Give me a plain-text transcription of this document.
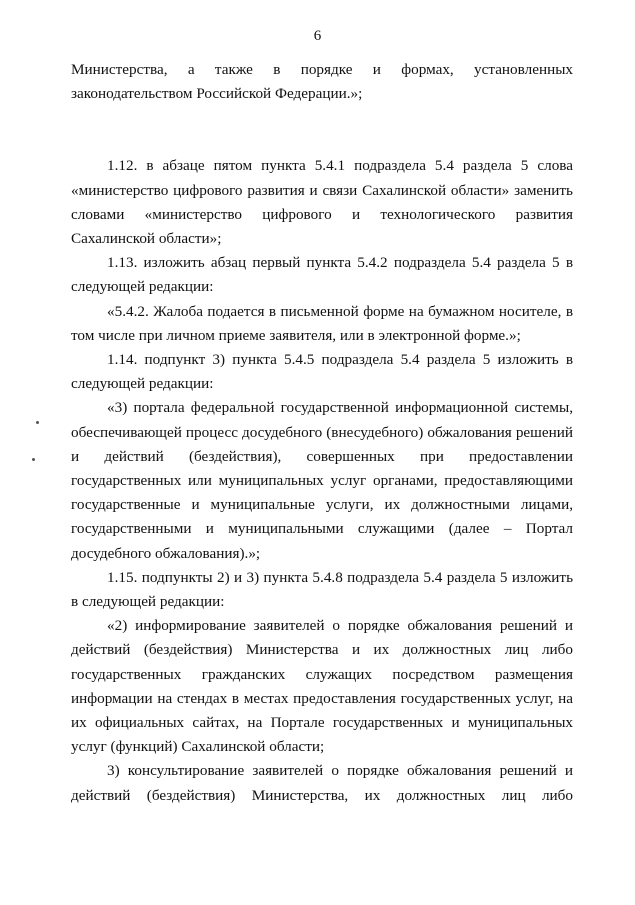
6

Министерства, а также в порядке и формах, установленных законодательством Российской Федерации.»;

1.12. в абзаце пятом пункта 5.4.1 подраздела 5.4 раздела 5 слова «министерство цифрового развития и связи Сахалинской области» заменить словами «министерство цифрового и технологического развития Сахалинской области»;

1.13. изложить абзац первый пункта 5.4.2 подраздела 5.4 раздела 5 в следующей редакции:

«5.4.2. Жалоба подается в письменной форме на бумажном носителе, в том числе при личном приеме заявителя, или в электронной форме.»;

1.14. подпункт 3) пункта 5.4.5 подраздела 5.4 раздела 5 изложить в следующей редакции:

«3) портала федеральной государственной информационной системы, обеспечивающей процесс досудебного (внесудебного) обжалования решений и действий (бездействия), совершенных при предоставлении государственных или муниципальных услуг органами, предоставляющими государственные и муниципальные услуги, их должностными лицами, государственными и муниципальными служащими (далее – Портал досудебного обжалования).»;

1.15. подпункты 2) и 3) пункта 5.4.8 подраздела 5.4 раздела 5 изложить в следующей редакции:

«2) информирование заявителей о порядке обжалования решений и действий (бездействия) Министерства и их должностных лиц либо государственных гражданских служащих посредством размещения информации на стендах в местах предоставления государственных услуг, на их официальных сайтах, на Портале государственных и муниципальных услуг (функций) Сахалинской области;

3) консультирование заявителей о порядке обжалования решений и действий (бездействия) Министерства, их должностных лиц либо
